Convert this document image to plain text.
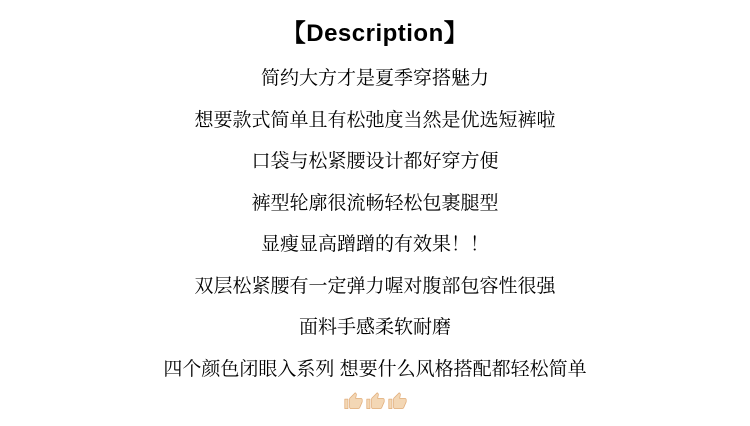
【Description】

简约大方才是夏季穿搭魅力

想要款式简单且有松弛度当然是优选短裤啦

口袋与松紧腰设计都好穿方便

裤型轮廓很流畅轻松包裹腿型

显瘦显高蹭蹭的有效果！！

双层松紧腰有一定弹力喔对腹部包容性很强

面料手感柔软耐磨

四个颜色闭眼入系列 想要什么风格搭配都轻松简单
